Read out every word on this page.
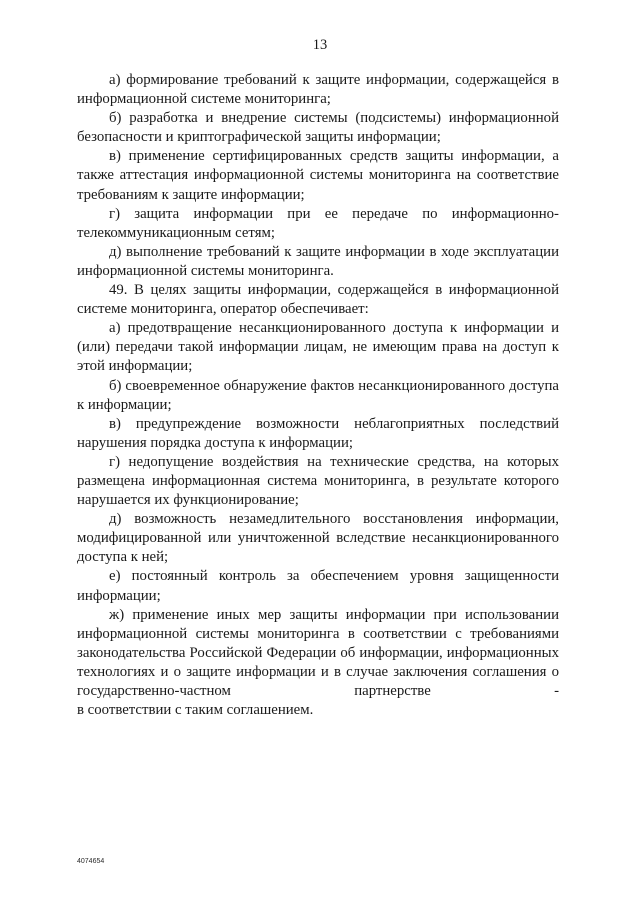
13

а) формирование требований к защите информации, содержащейся в информационной системе мониторинга;

б) разработка и внедрение системы (подсистемы) информационной безопасности и криптографической защиты информации;

в) применение сертифицированных средств защиты информации, а также аттестация информационной системы мониторинга на соответствие требованиям к защите информации;

г) защита информации при ее передаче по информационно-телекоммуникационным сетям;

д) выполнение требований к защите информации в ходе эксплуатации информационной системы мониторинга.

49. В целях защиты информации, содержащейся в информационной системе мониторинга, оператор обеспечивает:

а) предотвращение несанкционированного доступа к информации и (или) передачи такой информации лицам, не имеющим права на доступ к этой информации;

б) своевременное обнаружение фактов несанкционированного доступа к информации;

в) предупреждение возможности неблагоприятных последствий нарушения порядка доступа к информации;

г) недопущение воздействия на технические средства, на которых размещена информационная система мониторинга, в результате которого нарушается их функционирование;

д) возможность незамедлительного восстановления информации, модифицированной или уничтоженной вследствие несанкционированного доступа к ней;

е) постоянный контроль за обеспечением уровня защищенности информации;

ж) применение иных мер защиты информации при использовании информационной системы мониторинга в соответствии с требованиями законодательства Российской Федерации об информации, информационных технологиях и о защите информации и в случае заключения соглашения о государственно-частном партнерстве -

в соответствии с таким соглашением.

4074654
